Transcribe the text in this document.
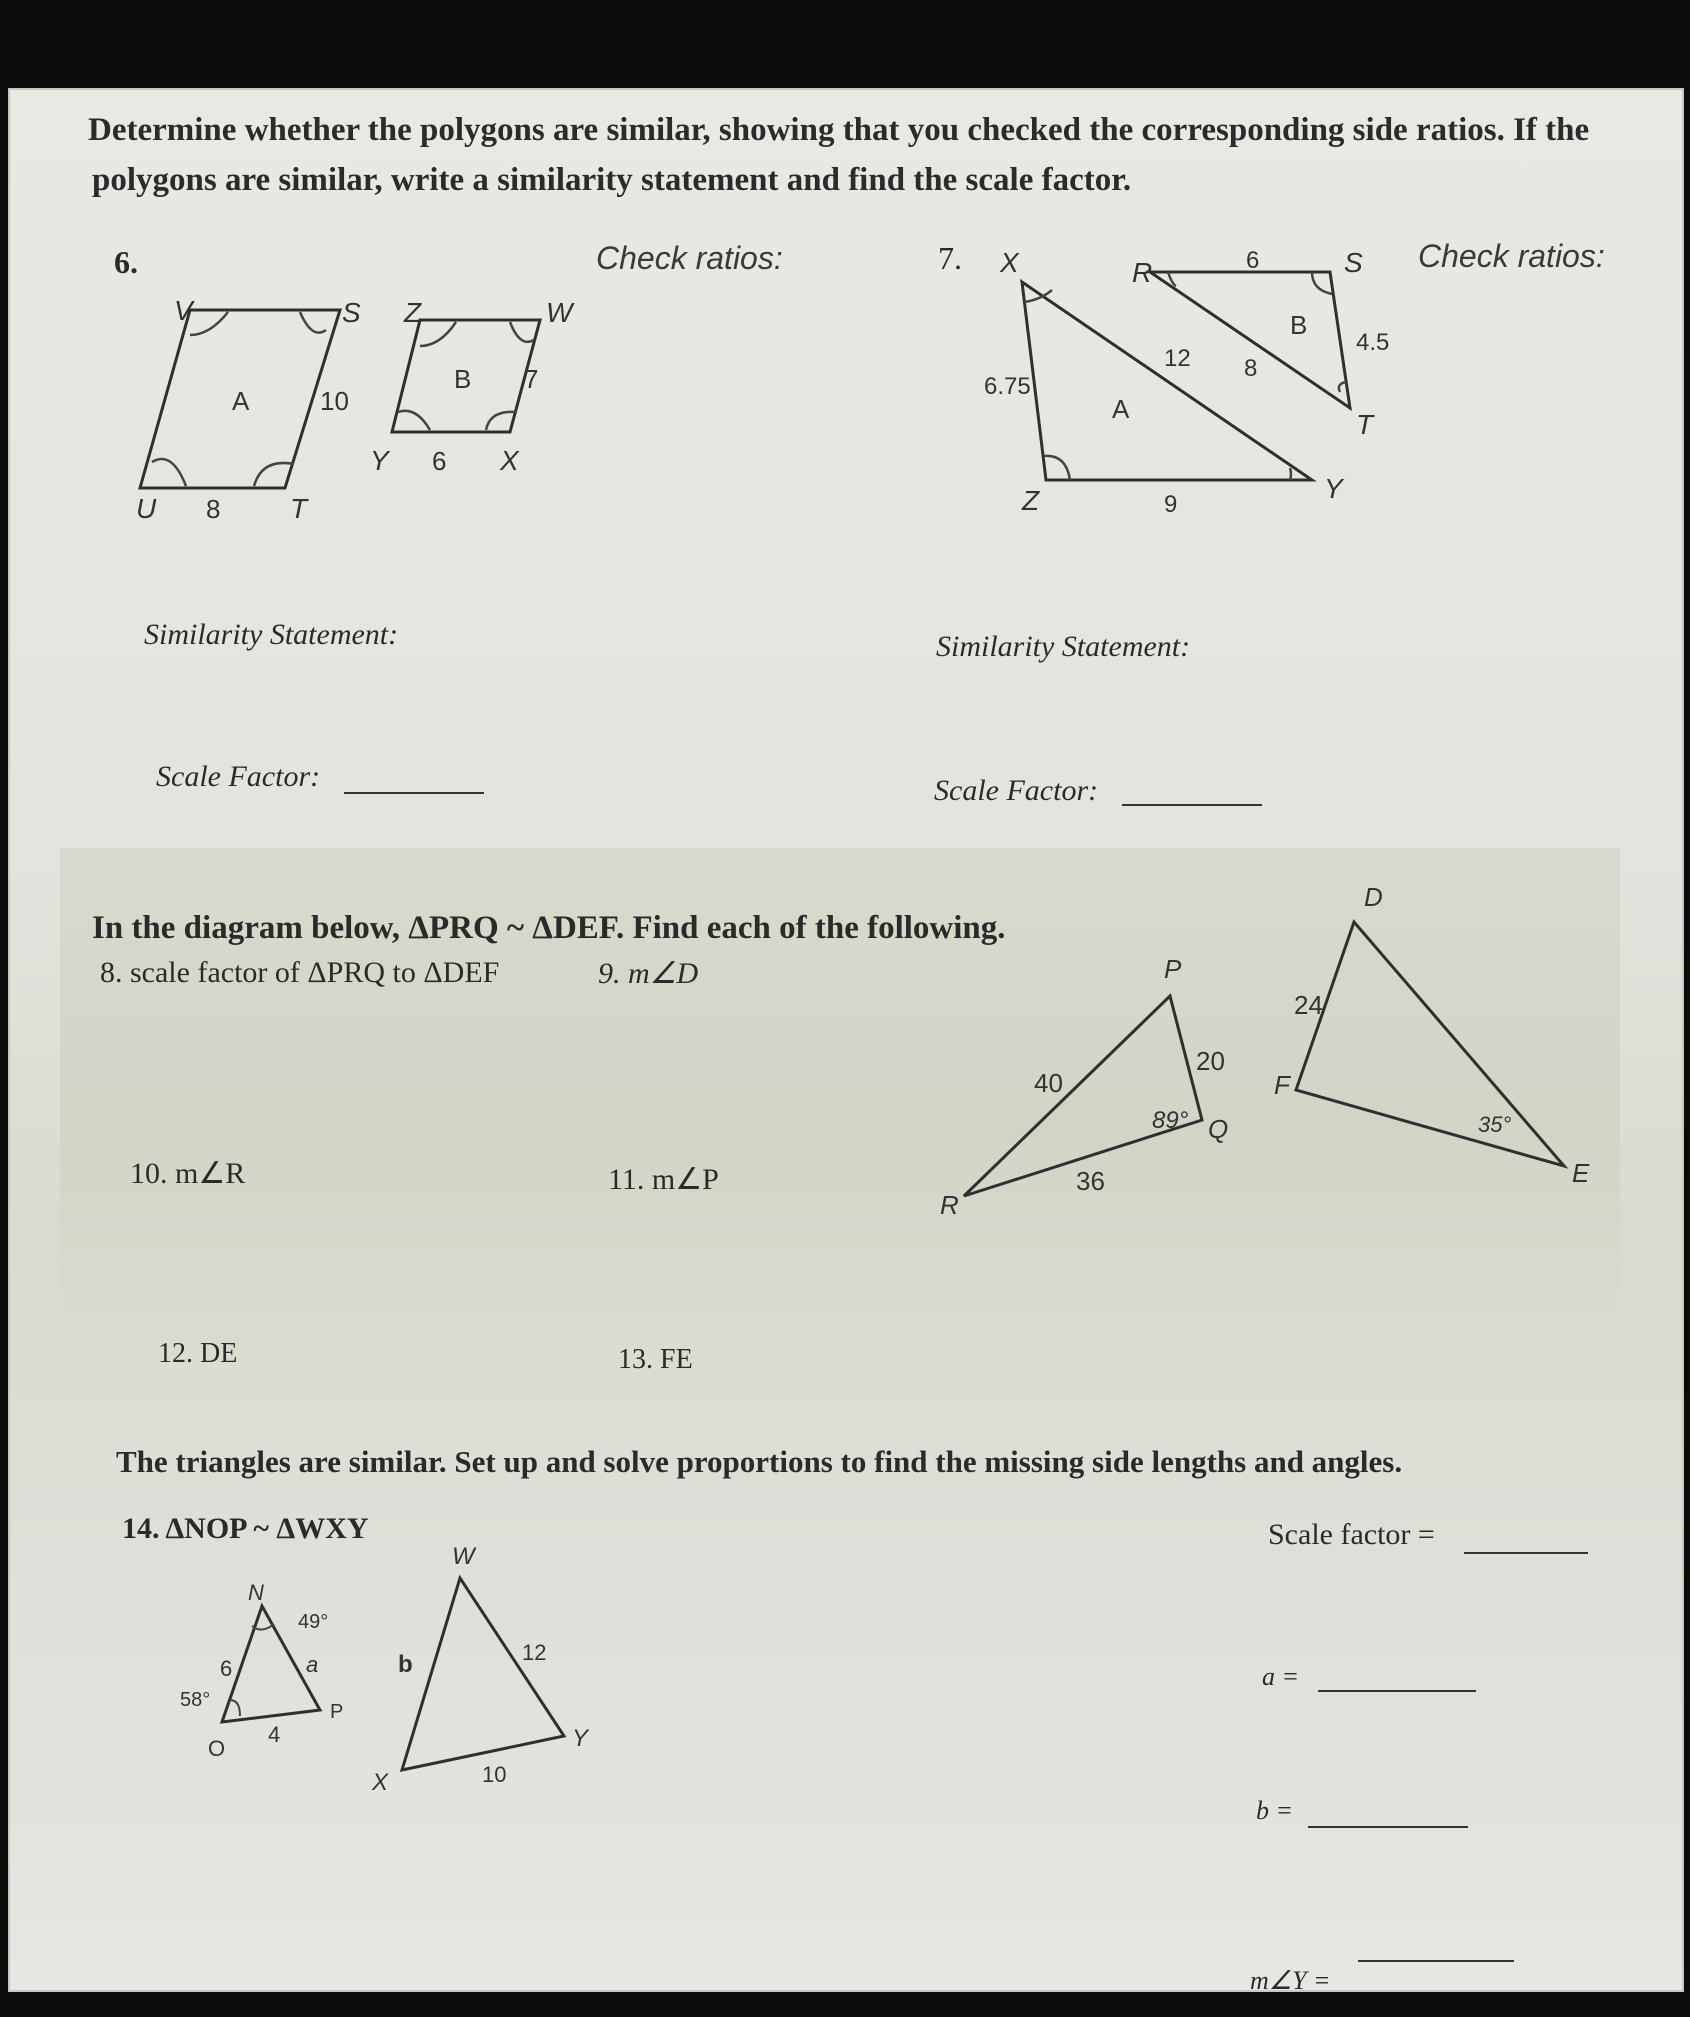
Determine whether the polygons are similar, showing that you checked the corresponding side ratios. If the
polygons are similar, write a similarity statement and find the scale factor.
6.	Check ratios:
A
V	S
U	T
8
10
B
Z	W
Y	X
6
7
X	R	S
T
Y
Z
A
B
6.75
9
12
6
4.5
8
P
R
Q
40
20
36
89°
D
E
F
24
35°
N
O
P
49°
58°
6
4
a
W
X
Y
b	12
10
Similarity Statement:
Scale Factor:
7.	Check ratios:
Similarity Statement:
Scale Factor:
In the diagram below, ΔPRQ ~ ΔDEF. Find each of the following.
8. scale factor of ΔPRQ to ΔDEF	9. m∠D
10. m∠R	11. m∠P
12. DE	13. FE
The triangles are similar. Set up and solve proportions to find the missing side lengths and angles.
14. ΔNOP ~ ΔWXY	Scale factor =
a =
b =
m∠Y =
